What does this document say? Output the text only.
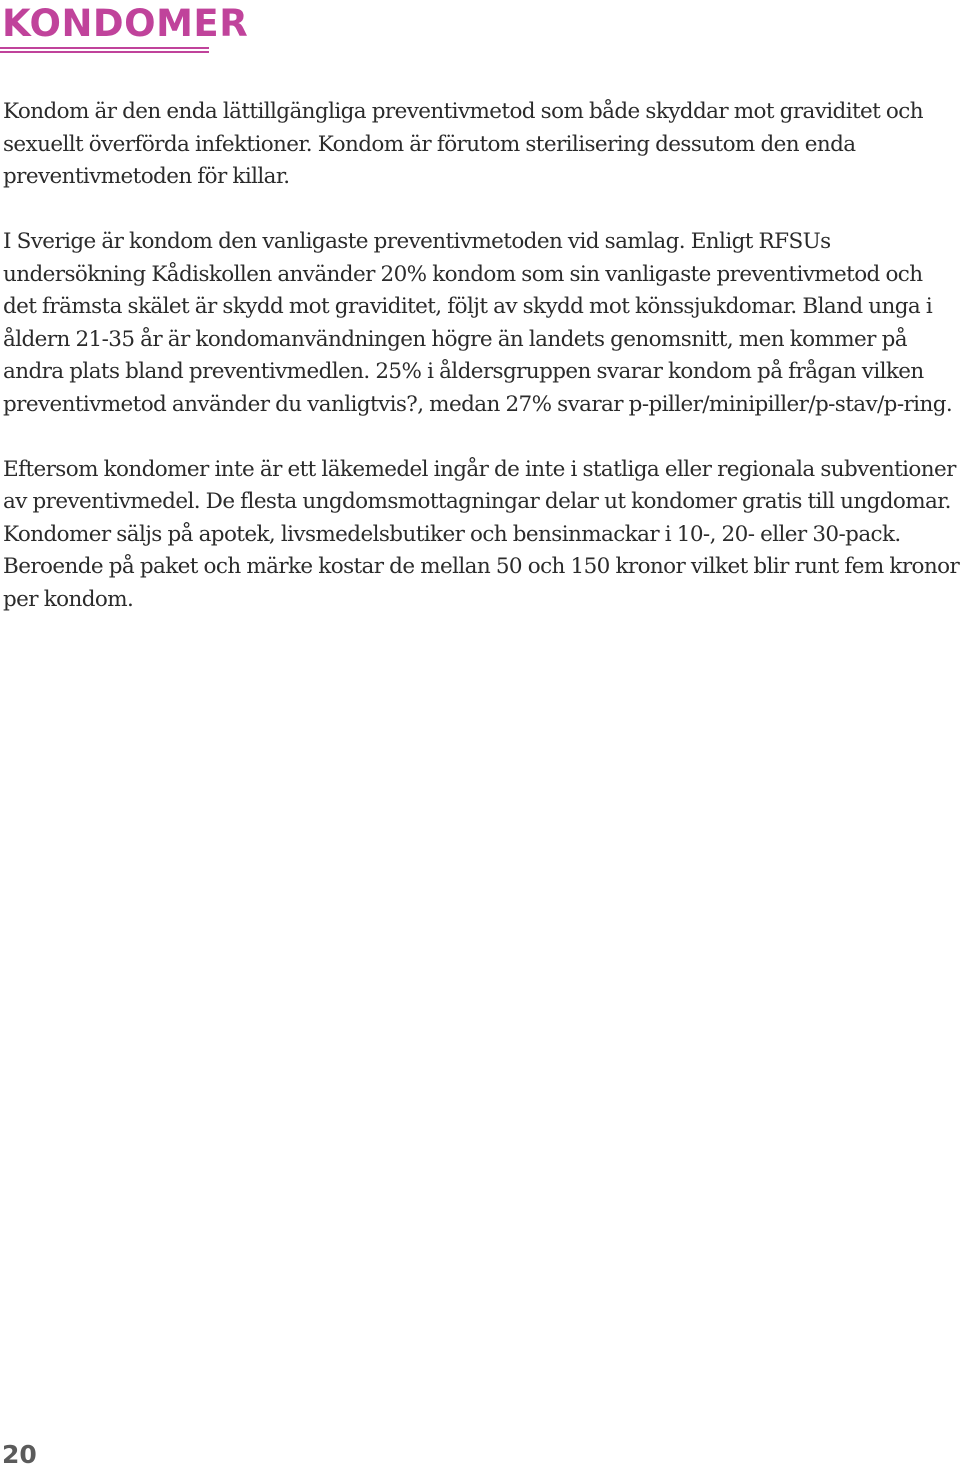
KONDOMER

Kondom är den enda lättillgängliga preventivmetod som både skyddar mot graviditet och sexuellt överförda infektioner. Kondom är förutom sterilisering dessutom den enda preventivmetoden för killar.

I Sverige är kondom den vanligaste preventivmetoden vid samlag. Enligt RFSUs undersökning Kådiskollen använder 20% kondom som sin vanligaste preventivmetod och det främsta skälet är skydd mot graviditet, följt av skydd mot könssjukdomar. Bland unga i åldern 21-35 år är kondomanvändningen högre än landets genomsnitt, men kommer på andra plats bland preventivmedlen. 25% i åldersgruppen svarar kondom på frågan vilken preventivmetod använder du vanligtvis?, medan 27% svarar p-piller/minipiller/p-stav/p-ring.

Eftersom kondomer inte är ett läkemedel ingår de inte i statliga eller regionala subventioner av preventivmedel. De flesta ungdomsmottagningar delar ut kondomer gratis till ungdomar. Kondomer säljs på apotek, livsmedelsbutiker och bensinmackar i 10-, 20- eller 30-pack. Beroende på paket och märke kostar de mellan 50 och 150 kronor vilket blir runt fem kronor per kondom.

20
